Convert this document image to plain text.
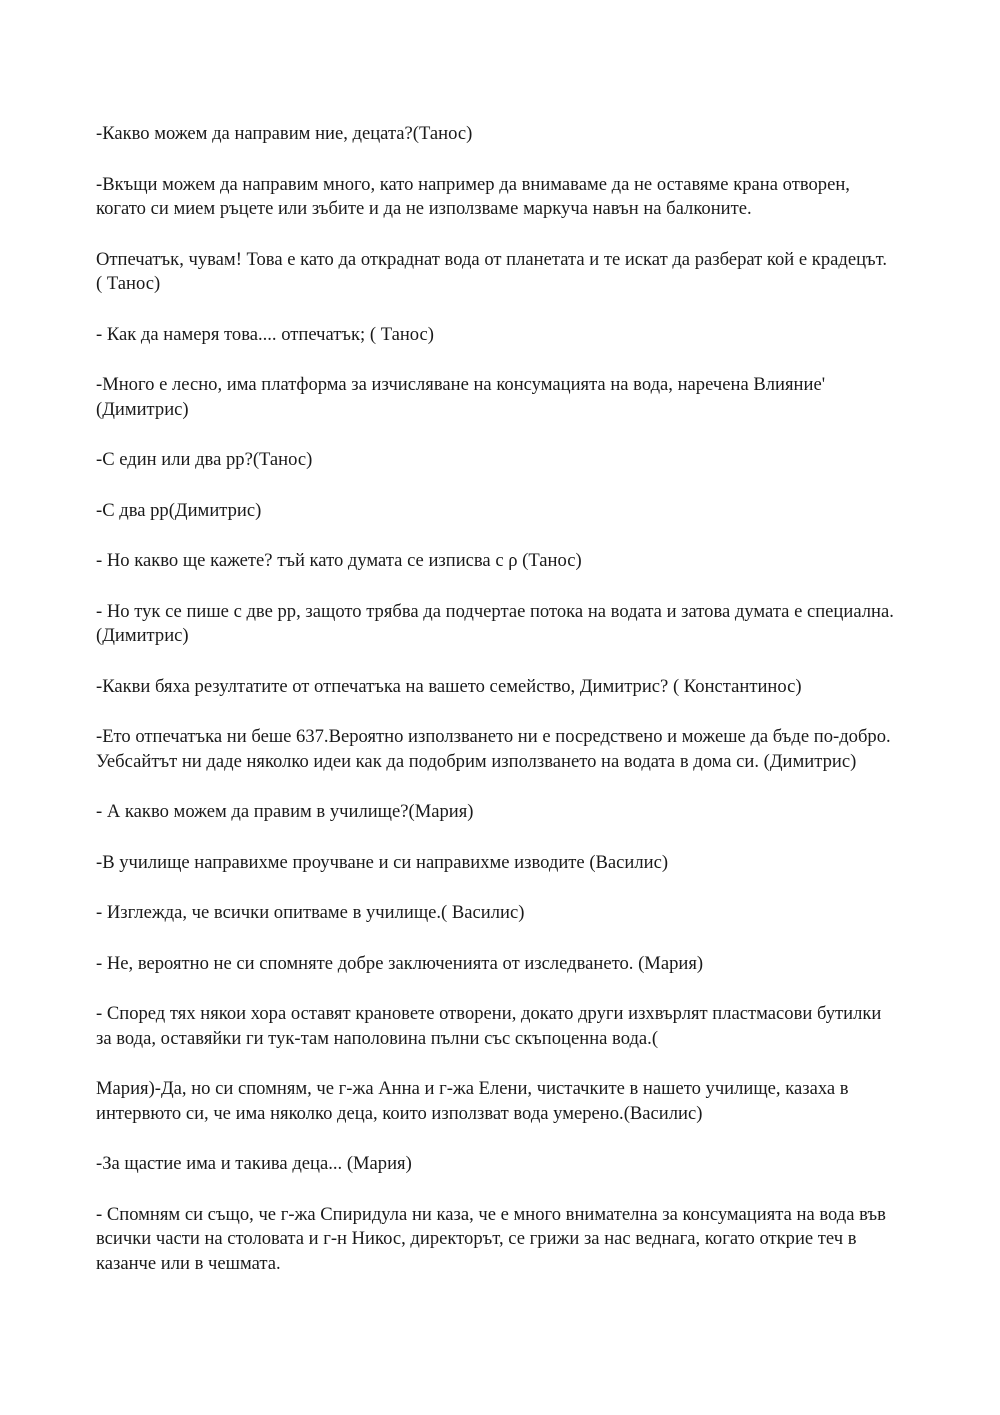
-Какво можем да направим ние, децата?(Танос)

-Вкъщи можем да направим много, като например да внимаваме да не оставяме крана отворен, когато си мием ръцете или зъбите и да не използваме маркуча навън на балконите.

Отпечатък, чувам! Това е като да откраднат вода от планетата и те искат да разберат кой е крадецът. ( Танос)

- Как да намеря това.... отпечатък; ( Танос)

-Много е лесно, има платформа за изчисляване на консумацията на вода, наречена Влияние' (Димитрис)

-С един или два pp?(Танос)

-С два pp(Димитрис)

- Но какво ще кажете? тъй като думата се изписва с ρ (Танос)

- Но тук се пише с две pp, защото трябва да подчертае потока на водата и затова думата е специална.(Димитрис)

-Какви бяха резултатите от отпечатъка на вашето семейство, Димитрис? ( Константинос)

-Ето отпечатъка ни беше 637.Вероятно използването ни е посредствено и можеше да бъде по-добро. Уебсайтът ни даде няколко идеи как да подобрим използването на водата в дома си. (Димитрис)

- А какво можем да правим в училище?(Мария)

-В училище направихме проучване и си направихме изводите (Василис)

- Изглежда, че всички опитваме в училище.( Василис)

- Не, вероятно не си спомняте добре заключенията от изследването. (Мария)

- Според тях някои хора оставят крановете отворени, докато други изхвърлят пластмасови бутилки за вода, оставяйки ги тук-там наполовина пълни със скъпоценна вода.(

Мария)-Да, но си спомням, че г-жа Анна и г-жа Елени, чистачките в нашето училище, казаха в интервюто си, че има няколко деца, които използват вода умерено.(Василис)

-За щастие има и такива деца... (Мария)

- Спомням си също, че г-жа Спиридула ни каза, че е много внимателна за консумацията на вода във всички части на столовата и г-н Никос, директорът, се грижи за нас веднага, когато открие теч в казанче или в чешмата.
